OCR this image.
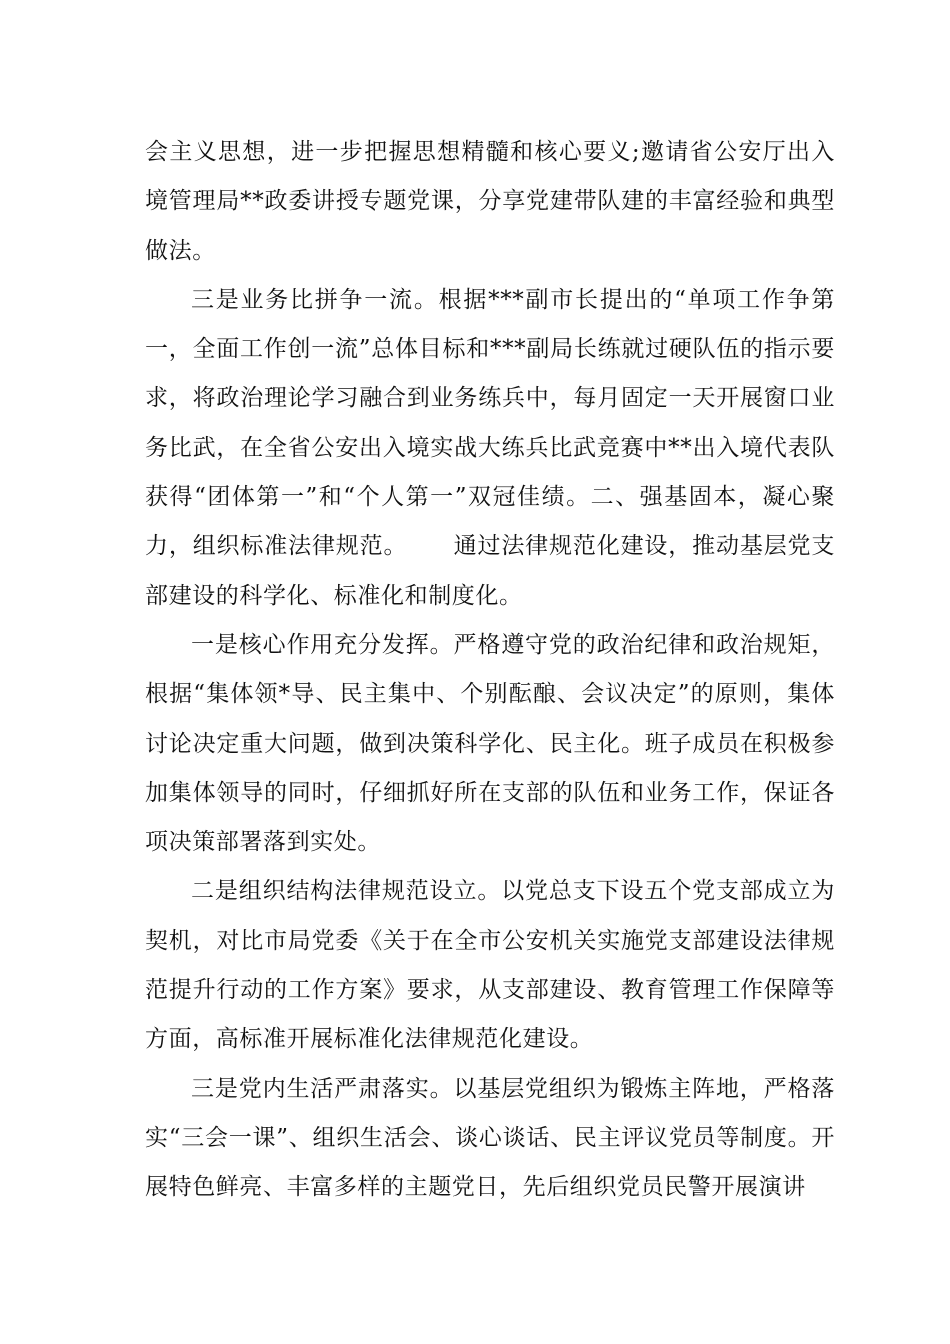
会主义思想，进一步把握思想精髓和核心要义;邀请省公安厅出入境管理局**政委讲授专题党课，分享党建带队建的丰富经验和典型做法。

三是业务比拼争一流。根据***副市长提出的“单项工作争第一，全面工作创一流”总体目标和***副局长练就过硬队伍的指示要求，将政治理论学习融合到业务练兵中，每月固定一天开展窗口业务比武，在全省公安出入境实战大练兵比武竞赛中**出入境代表队获得“团体第一”和“个人第一”双冠佳绩。二、强基固本，凝心聚力，组织标准法律规范。 通过法律规范化建设，推动基层党支部建设的科学化、标准化和制度化。

一是核心作用充分发挥。严格遵守党的政治纪律和政治规矩，根据“集体领*导、民主集中、个别酝酿、会议决定”的原则，集体讨论决定重大问题，做到决策科学化、民主化。班子成员在积极参加集体领导的同时，仔细抓好所在支部的队伍和业务工作，保证各项决策部署落到实处。

二是组织结构法律规范设立。以党总支下设五个党支部成立为契机，对比市局党委《关于在全市公安机关实施党支部建设法律规范提升行动的工作方案》要求，从支部建设、教育管理工作保障等方面，高标准开展标准化法律规范化建设。

三是党内生活严肃落实。以基层党组织为锻炼主阵地，严格落实“三会一课”、组织生活会、谈心谈话、民主评议党员等制度。开展特色鲜亮、丰富多样的主题党日，先后组织党员民警开展演讲
